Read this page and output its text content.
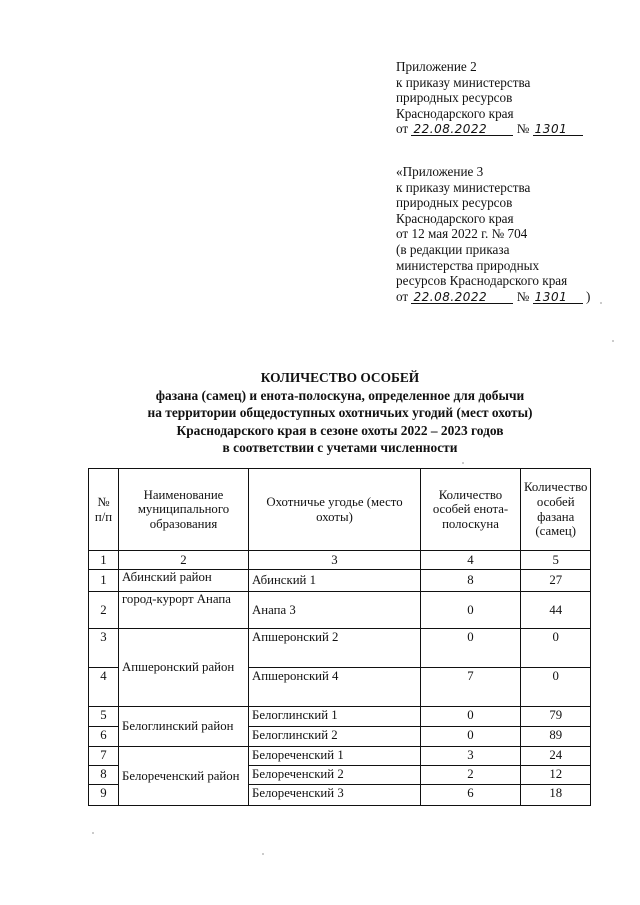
Приложение 2
к приказу министерства
природных ресурсов
Краснодарского края
от 22.08.2022 № 1301
«Приложение 3
к приказу министерства
природных ресурсов
Краснодарского края
от 12 мая 2022 г. № 704
(в редакции приказа
министерства природных
ресурсов Краснодарского края
от 22.08.2022 № 1301 )
КОЛИЧЕСТВО ОСОБЕЙ
фазана (самец) и енота-полоскуна, определенное для добычи
на территории общедоступных охотничьих угодий (мест охоты)
Краснодарского края в сезоне охоты 2022 – 2023 годов
в соответствии с учетами численности
№ п/п	Наименование муниципального образования	Охотничье угодье (место охоты)	Количество особей енота-полоскуна	Количество особей фазана (самец)
1	2	3	4	5
1	Абинский район	Абинский 1	8	27
2	город-курорт Анапа	Анапа 3	0	44
3	Апшеронский район	Апшеронский 2	0	0
4		Апшеронский 4	7	0
5	Белоглинский район	Белоглинский 1	0	79
6		Белоглинский 2	0	89
7	Белореченский район	Белореченский 1	3	24
8		Белореченский 2	2	12
9		Белореченский 3	6	18
